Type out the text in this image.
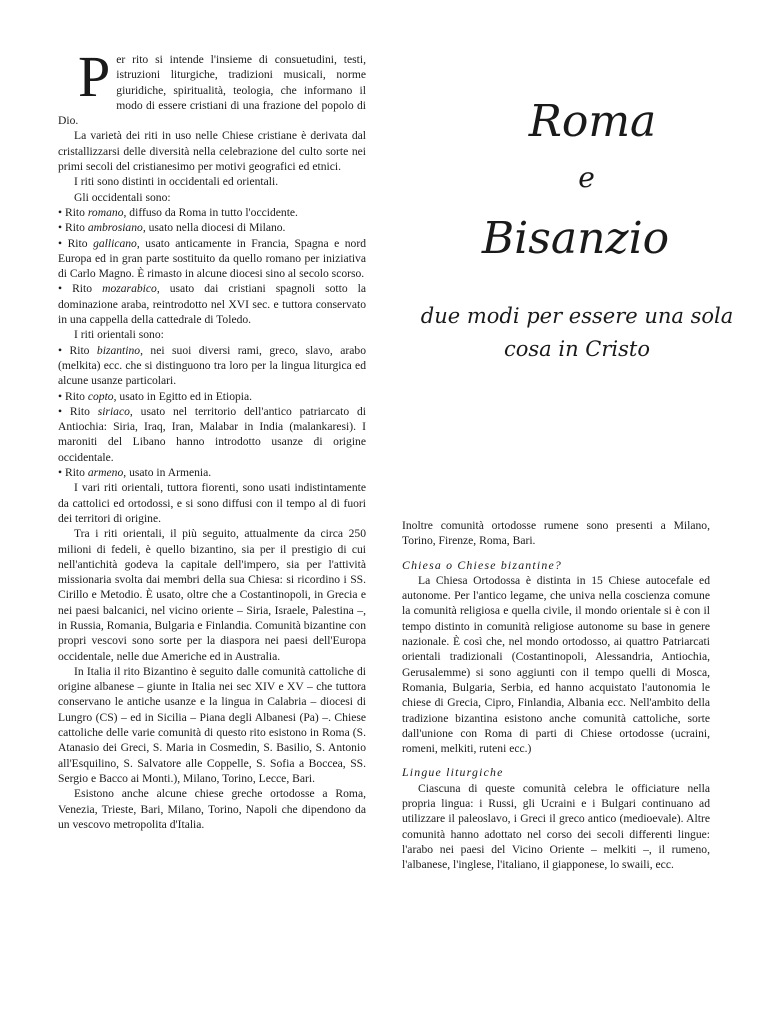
Roma
e
Bisanzio
due modi per essere una sola cosa in Cristo

Per rito si intende l'insieme di consuetudini, testi, istruzioni liturgiche, tradizioni musicali, norme giuridiche, spiritualità, teologia, che informano il modo di essere cristiani di una frazione del popolo di Dio.

La varietà dei riti in uso nelle Chiese cristiane è derivata dal cristallizzarsi delle diversità nella celebrazione del culto sorte nei primi secoli del cristianesimo per motivi geografici ed etnici.

I riti sono distinti in occidentali ed orientali.

Gli occidentali sono:

• Rito romano, diffuso da Roma in tutto l'occidente.

• Rito ambrosiano, usato nella diocesi di Milano.

• Rito gallicano, usato anticamente in Francia, Spagna e nord Europa ed in gran parte sostituito da quello romano per iniziativa di Carlo Magno. È rimasto in alcune diocesi sino al secolo scorso.

• Rito mozarabico, usato dai cristiani spagnoli sotto la dominazione araba, reintrodotto nel XVI sec. e tuttora conservato in una cappella della cattedrale di Toledo.

I riti orientali sono:

• Rito bizantino, nei suoi diversi rami, greco, slavo, arabo (melkita) ecc. che si distinguono tra loro per la lingua liturgica ed alcune usanze particolari.

• Rito copto, usato in Egitto ed in Etiopia.

• Rito siriaco, usato nel territorio dell'antico patriarcato di Antiochia: Siria, Iraq, Iran, Malabar in India (malankaresi). I maroniti del Libano hanno introdotto usanze di origine occidentale.

• Rito armeno, usato in Armenia.

I vari riti orientali, tuttora fiorenti, sono usati indistintamente da cattolici ed ortodossi, e si sono diffusi con il tempo al di fuori dei territori di origine.

Tra i riti orientali, il più seguito, attualmente da circa 250 milioni di fedeli, è quello bizantino, sia per il prestigio di cui nell'antichità godeva la capitale dell'impero, sia per l'attività missionaria svolta dai membri della sua Chiesa: si ricordino i SS. Cirillo e Metodio. È usato, oltre che a Costantinopoli, in Grecia e nei paesi balcanici, nel vicino oriente – Siria, Israele, Palestina –, in Russia, Romania, Bulgaria e Finlandia. Comunità bizantine con propri vescovi sono sorte per la diaspora nei paesi dell'Europa occidentale, nelle due Americhe ed in Australia.

In Italia il rito Bizantino è seguito dalle comunità cattoliche di origine albanese – giunte in Italia nei sec XIV e XV – che tuttora conservano le antiche usanze e la lingua in Calabria – diocesi di Lungro (CS) – ed in Sicilia – Piana degli Albanesi (Pa) –. Chiese cattoliche delle varie comunità di questo rito esistono in Roma (S. Atanasio dei Greci, S. Maria in Cosmedin, S. Basilio, S. Antonio all'Esquilino, S. Salvatore alle Coppelle, S. Sofia a Boccea, SS. Sergio e Bacco ai Monti.), Milano, Torino, Lecce, Bari.

Esistono anche alcune chiese greche ortodosse a Roma, Venezia, Trieste, Bari, Milano, Torino, Napoli che dipendono da un vescovo metropolita d'Italia.

Inoltre comunità ortodosse rumene sono presenti a Milano, Torino, Firenze, Roma, Bari.

Chiesa o Chiese bizantine?

La Chiesa Ortodossa è distinta in 15 Chiese autocefale ed autonome. Per l'antico legame, che univa nella coscienza comune la comunità religiosa e quella civile, il mondo orientale si è con il tempo distinto in comunità religiose autonome su base in genere nazionale. È così che, nel mondo ortodosso, ai quattro Patriarcati orientali tradizionali (Costantinopoli, Alessandria, Antiochia, Gerusalemme) si sono aggiunti con il tempo quelli di Mosca, Romania, Bulgaria, Serbia, ed hanno acquistato l'autonomia le chiese di Grecia, Cipro, Finlandia, Albania ecc. Nell'ambito della tradizione bizantina esistono anche comunità cattoliche, sorte dall'unione con Roma di parti di Chiese ortodosse (ucraini, romeni, melkiti, ruteni ecc.)

Lingue liturgiche

Ciascuna di queste comunità celebra le officiature nella propria lingua: i Russi, gli Ucraini e i Bulgari continuano ad utilizzare il paleoslavo, i Greci il greco antico (medioevale). Altre comunità hanno adottato nel corso dei secoli differenti lingue: l'arabo nei paesi del Vicino Oriente – melkiti –, il rumeno, l'albanese, l'inglese, l'italiano, il giapponese, lo swaili, ecc.
